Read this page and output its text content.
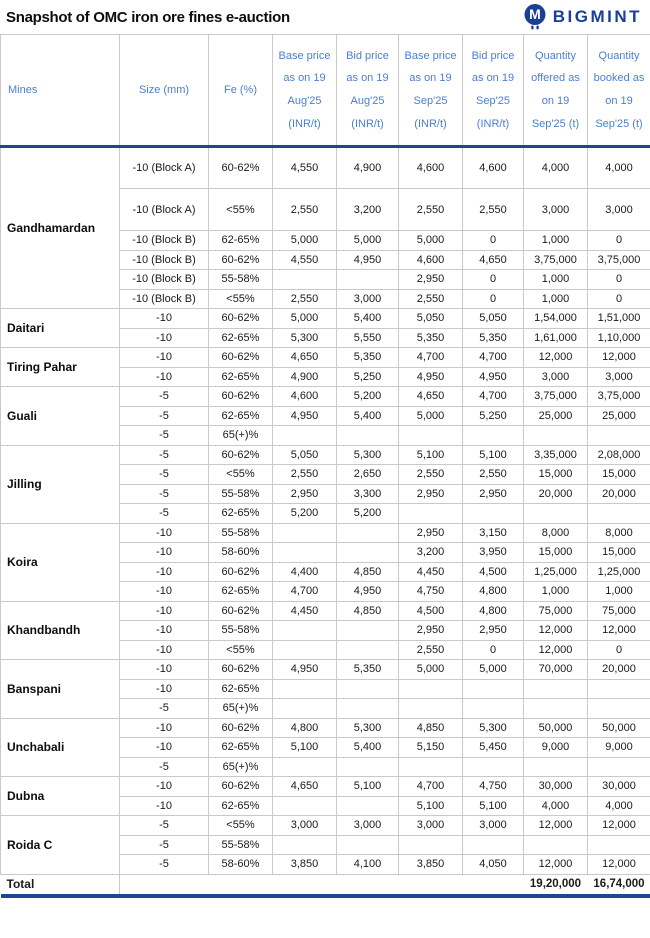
Snapshot of OMC iron ore fines e-auction	M BIGMINT
Mines	Size (mm)	Fe (%)	Base price as on 19 Aug'25 (INR/t)	Bid price as on 19 Aug'25 (INR/t)	Base price as on 19 Sep'25 (INR/t)	Bid price as on 19 Sep'25 (INR/t)	Quantity offered as on 19 Sep'25 (t)	Quantity booked as on 19 Sep'25 (t)
Gandhamardan	-10 (Block A)	60-62%	4,550	4,900	4,600	4,600	4,000	4,000
	-10 (Block A)	<55%	2,550	3,200	2,550	2,550	3,000	3,000
	-10 (Block B)	62-65%	5,000	5,000	5,000	0	1,000	0
	-10 (Block B)	60-62%	4,550	4,950	4,600	4,650	3,75,000	3,75,000
	-10 (Block B)	55-58%			2,950	0	1,000	0
	-10 (Block B)	<55%	2,550	3,000	2,550	0	1,000	0
Daitari	-10	60-62%	5,000	5,400	5,050	5,050	1,54,000	1,51,000
	-10	62-65%	5,300	5,550	5,350	5,350	1,61,000	1,10,000
Tiring Pahar	-10	60-62%	4,650	5,350	4,700	4,700	12,000	12,000
	-10	62-65%	4,900	5,250	4,950	4,950	3,000	3,000
Guali	-5	60-62%	4,600	5,200	4,650	4,700	3,75,000	3,75,000
	-5	62-65%	4,950	5,400	5,000	5,250	25,000	25,000
	-5	65(+)%						
Jilling	-5	60-62%	5,050	5,300	5,100	5,100	3,35,000	2,08,000
	-5	<55%	2,550	2,650	2,550	2,550	15,000	15,000
	-5	55-58%	2,950	3,300	2,950	2,950	20,000	20,000
	-5	62-65%	5,200	5,200				
Koira	-10	55-58%			2,950	3,150	8,000	8,000
	-10	58-60%			3,200	3,950	15,000	15,000
	-10	60-62%	4,400	4,850	4,450	4,500	1,25,000	1,25,000
	-10	62-65%	4,700	4,950	4,750	4,800	1,000	1,000
Khandbandh	-10	60-62%	4,450	4,850	4,500	4,800	75,000	75,000
	-10	55-58%			2,950	2,950	12,000	12,000
	-10	<55%			2,550	0	12,000	0
Banspani	-10	60-62%	4,950	5,350	5,000	5,000	70,000	20,000
	-10	62-65%						
	-5	65(+)%						
Unchabali	-10	60-62%	4,800	5,300	4,850	5,300	50,000	50,000
	-10	62-65%	5,100	5,400	5,150	5,450	9,000	9,000
	-5	65(+)%						
Dubna	-10	60-62%	4,650	5,100	4,700	4,750	30,000	30,000
	-10	62-65%			5,100	5,100	4,000	4,000
Roida C	-5	<55%	3,000	3,000	3,000	3,000	12,000	12,000
	-5	55-58%						
	-5	58-60%	3,850	4,100	3,850	4,050	12,000	12,000
Total							19,20,000	16,74,000
